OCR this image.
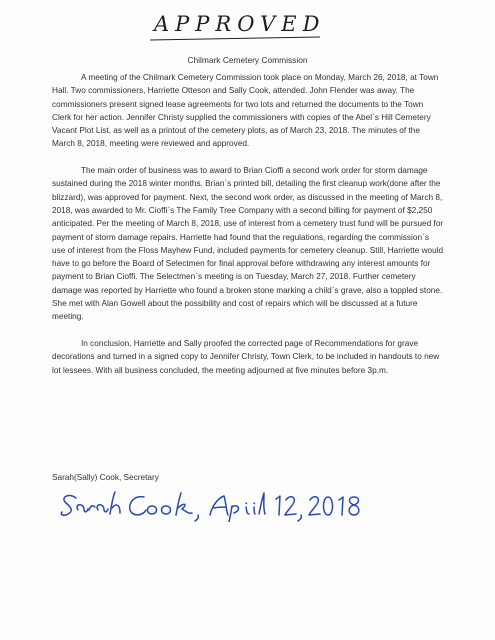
APPROVED
Chilmark Cemetery Commission

A meeting of the Chilmark Cemetery Commission took place on Monday, March 26, 2018, at Town Hall. Two commissioners, Harriette Otteson and Sally Cook, attended. John Flender was away. The commissioners present signed lease agreements for two lots and returned the documents to the Town Clerk for her action. Jennifer Christy supplied the commissioners with copies of the Abel`s Hill Cemetery Vacant Plot List, as well as a printout of the cemetery plots, as of March 23, 2018. The minutes of the March 8, 2018, meeting were reviewed and approved.

The main order of business was to award to Brian Cioffi a second work order for storm damage sustained during the 2018 winter months. Brian`s printed bill, detailing the first cleanup work(done after the blizzard), was approved for payment. Next, the second work order, as discussed in the meeting of March 8, 2018, was awarded to Mr. Cioffi`s The Family Tree Company with a second billing for payment of $2,250 anticipated. Per the meeting of March 8, 2018, use of interest from a cemetery trust fund will be pursued for payment of storm damage repairs. Harriette had found that the regulations, regarding the commission`s use of interest from the Floss Mayhew Fund, included payments for cemetery cleanup. Still, Harriette would have to go before the Board of Selectmen for final approval before withdrawing any interest amounts for payment to Brian Cioffi. The Selectmen`s meeting is on Tuesday, March 27, 2018. Further cemetery damage was reported by Harriette who found a broken stone marking a child`s grave, also a toppled stone. She met with Alan Gowell about the possibility and cost of repairs which will be discussed at a future meeting.

In conclusion, Harriette and Sally proofed the corrected page of Recommendations for grave decorations and turned in a signed copy to Jennifer Christy, Town Clerk, to be included in handouts to new lot lessees. With all business concluded, the meeting adjourned at five minutes before 3p.m.

Sarah(Sally) Cook, Secretary
